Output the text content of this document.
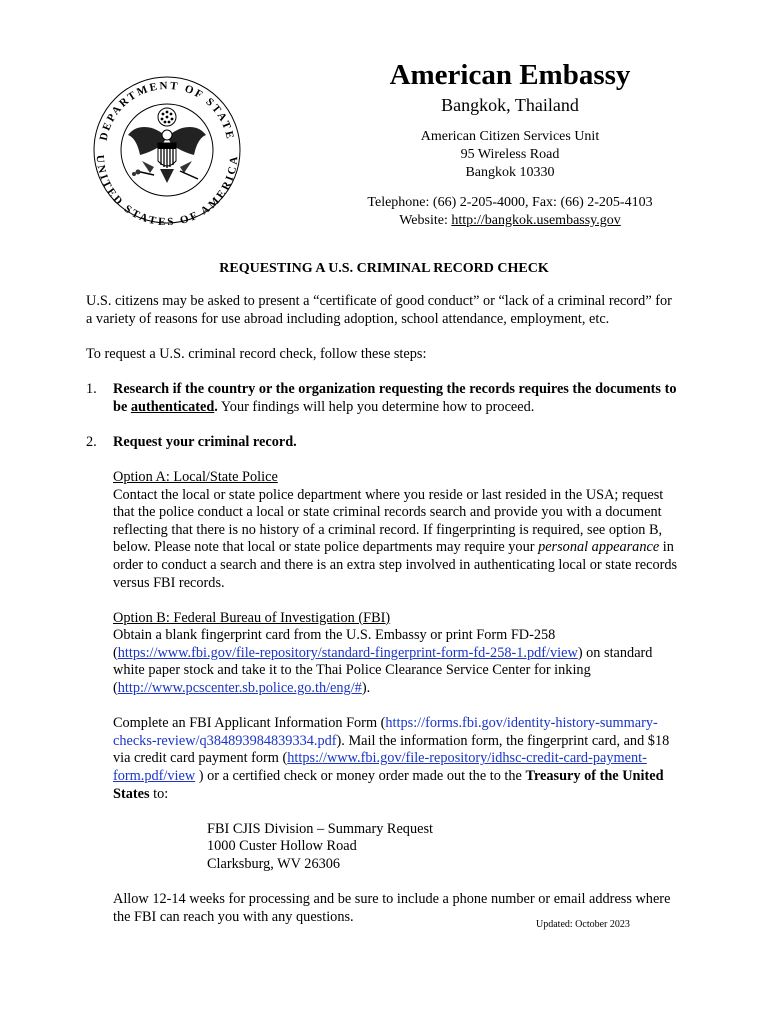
DEPARTMENT OF STATE
UNITED STATES OF AMERICA
American Embassy
Bangkok, Thailand
American Citizen Services Unit
95 Wireless Road
Bangkok 10330
Telephone: (66) 2-205-4000, Fax: (66) 2-205-4103
Website: http://bangkok.usembassy.gov
REQUESTING A U.S. CRIMINAL RECORD CHECK

U.S. citizens may be asked to present a “certificate of good conduct” or “lack of a criminal record” for a variety of reasons for use abroad including adoption, school attendance, employment, etc.

To request a U.S. criminal record check, follow these steps:

1. Research if the country or the organization requesting the records requires the documents to be authenticated. Your findings will help you determine how to proceed.
2. Request your criminal record.

Option A: Local/State Police

Contact the local or state police department where you reside or last resided in the USA; request that the police conduct a local or state criminal records search and provide you with a document reflecting that there is no history of a criminal record. If fingerprinting is required, see option B, below. Please note that local or state police departments may require your personal appearance in order to conduct a search and there is an extra step involved in authenticating local or state records versus FBI records.

Option B: Federal Bureau of Investigation (FBI)

Obtain a blank fingerprint card from the U.S. Embassy or print Form FD-258 (https://www.fbi.gov/file-repository/standard-fingerprint-form-fd-258-1.pdf/view) on standard white paper stock and take it to the Thai Police Clearance Service Center for inking (http://www.pcscenter.sb.police.go.th/eng/#).

Complete an FBI Applicant Information Form (https://forms.fbi.gov/identity-history-summary-checks-review/q384893984839334.pdf). Mail the information form, the fingerprint card, and $18 via credit card payment form (https://www.fbi.gov/file-repository/idhsc-credit-card-payment-form.pdf/view ) or a certified check or money order made out the to the Treasury of the United States to:

FBI CJIS Division – Summary Request
1000 Custer Hollow Road
Clarksburg, WV 26306

Allow 12-14 weeks for processing and be sure to include a phone number or email address where the FBI can reach you with any questions.	Updated: October 2023
